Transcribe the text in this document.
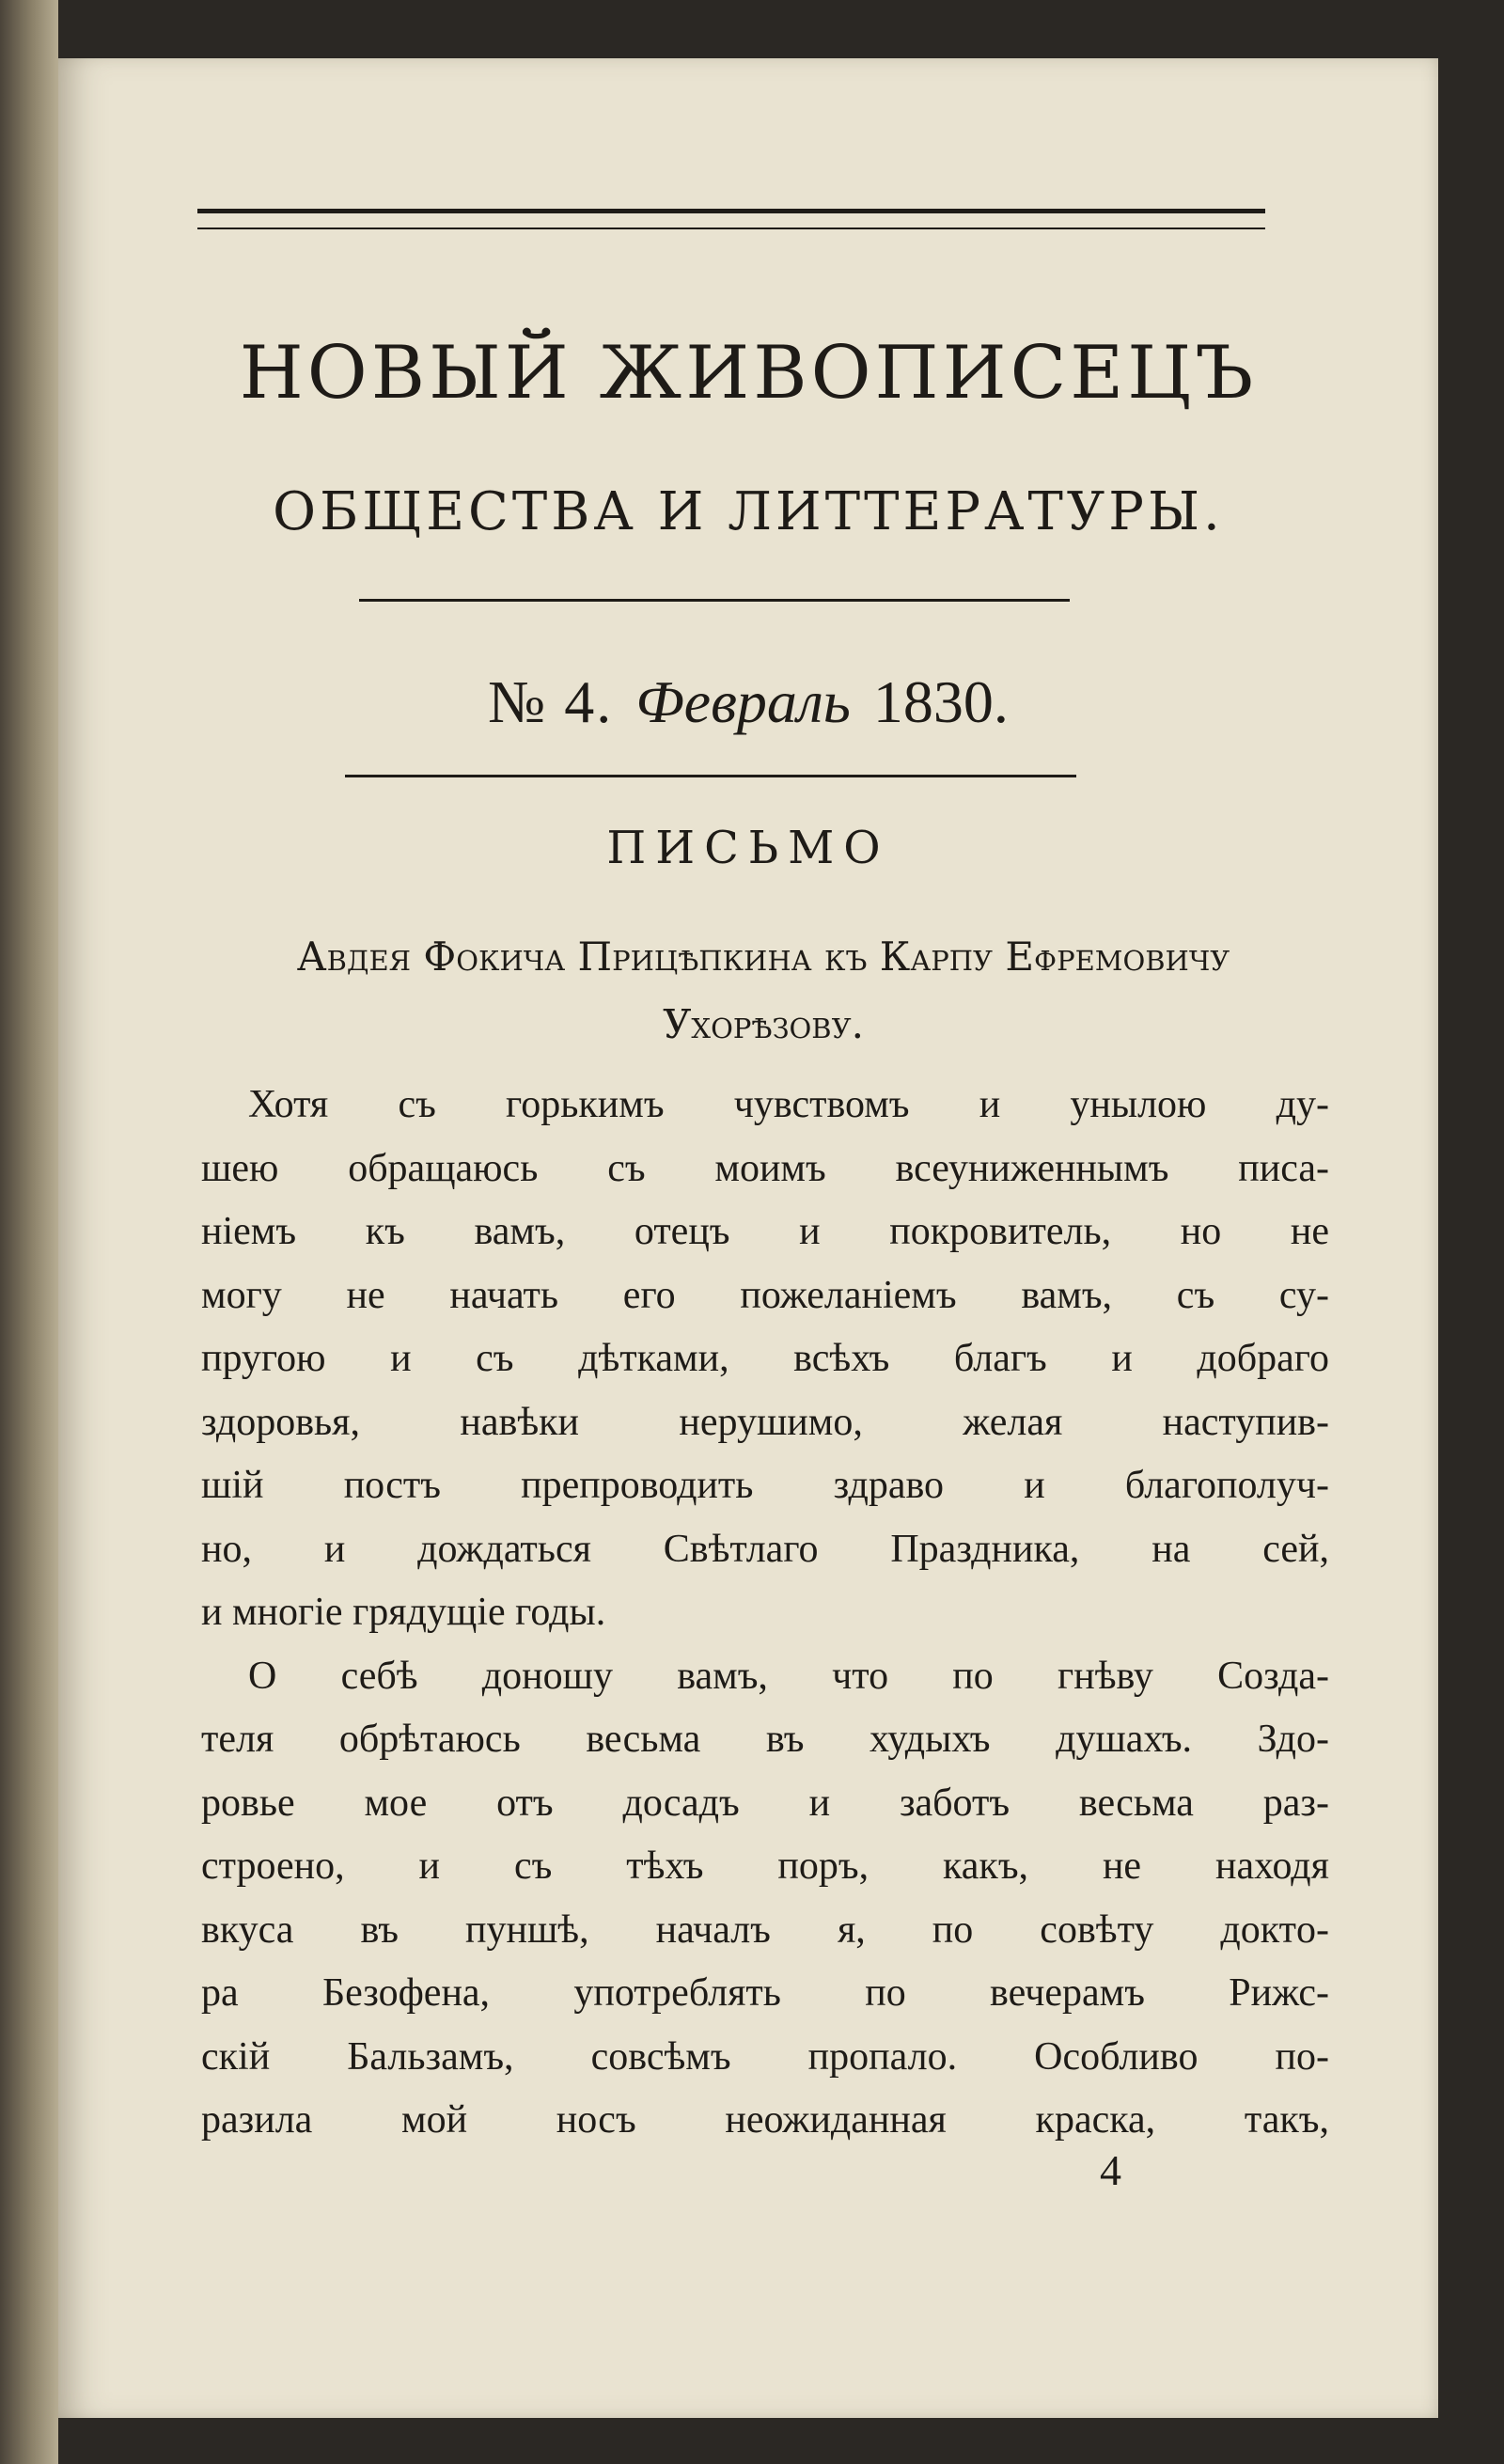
НОВЫЙ ЖИВОПИСЕЦЪ
ОБЩЕСТВА И ЛИТТЕРАТУРЫ.
№ 4. Февраль 1830.
ПИСЬМО
Авдея Фокича Прицѣпкина къ Карпу Ефремовичу
Ухорѣзову.
Хотя съ горькимъ чувствомъ и унылою ду-
шею обращаюсь съ моимъ всеуниженнымъ писа-
ніемъ къ вамъ, отецъ и покровитель, но не
могу не начать его пожеланіемъ вамъ, съ су-
пругою и съ дѣтками, всѣхъ благъ и добраго
здоровья, навѣки нерушимо, желая наступив-
шій постъ препроводить здраво и благополуч-
но, и дождаться Свѣтлаго Праздника, на сей,
и многіе грядущіе годы.
О себѣ доношу вамъ, что по гнѣву Созда-
теля обрѣтаюсь весьма въ худыхъ душахъ. Здо-
ровье мое отъ досадъ и заботъ весьма раз-
строено, и съ тѣхъ поръ, какъ, не находя
вкуса въ пуншѣ, началъ я, по совѣту доктo-
ра Безофена, употреблять по вечерамъ Рижс-
скій Бальзамъ, совсѣмъ пропало. Особливо по-
разила мой носъ неожиданная краска, такъ,
4
